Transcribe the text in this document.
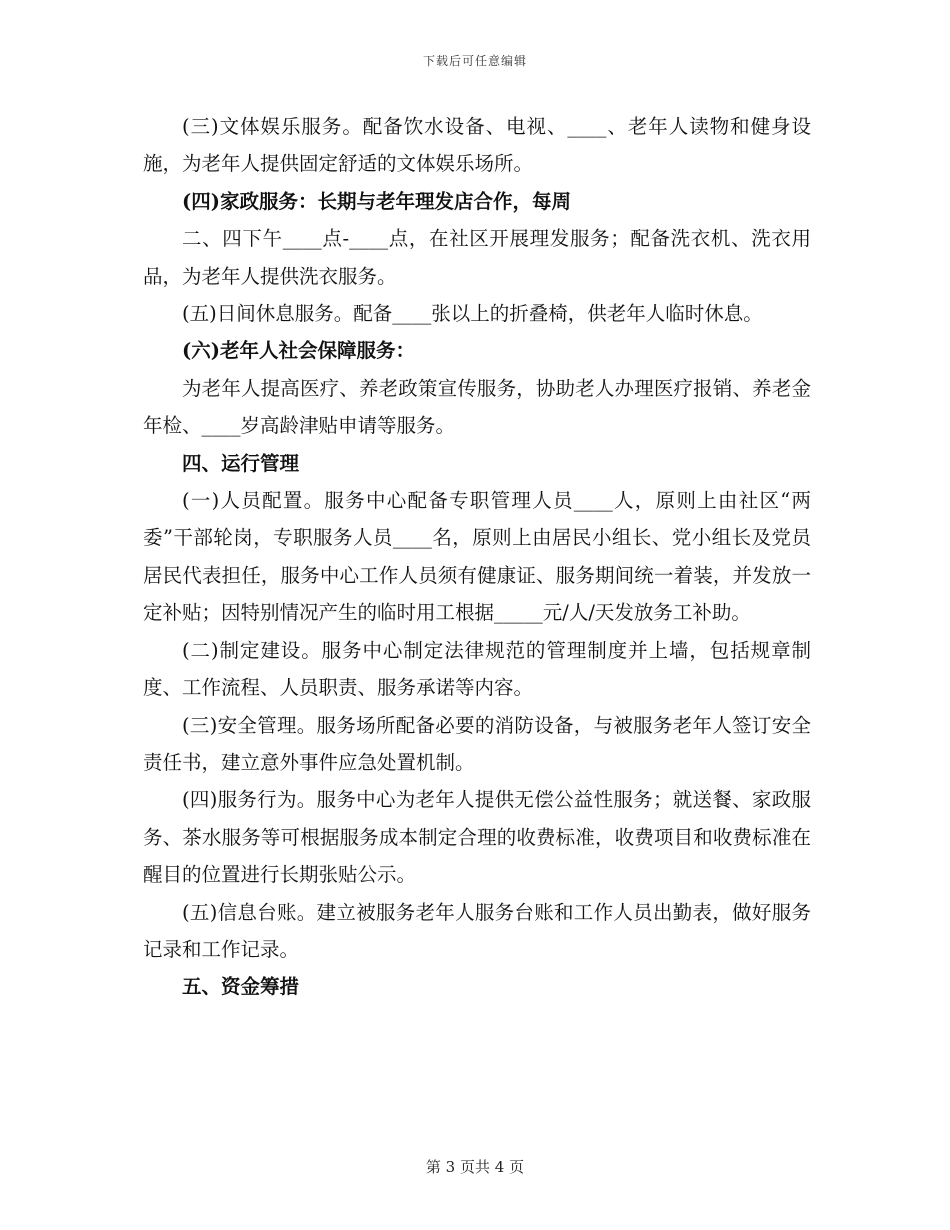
下载后可任意编辑

(三)文体娱乐服务。配备饮水设备、电视、____、老年人读物和健身设施，为老年人提供固定舒适的文体娱乐场所。

(四)家政服务：长期与老年理发店合作，每周

二、四下午____点-____点，在社区开展理发服务；配备洗衣机、洗衣用品，为老年人提供洗衣服务。

(五)日间休息服务。配备____张以上的折叠椅，供老年人临时休息。

(六)老年人社会保障服务：

为老年人提高医疗、养老政策宣传服务，协助老人办理医疗报销、养老金年检、____岁高龄津贴申请等服务。

四、运行管理

(一)人员配置。服务中心配备专职管理人员____人，原则上由社区“两委”干部轮岗，专职服务人员____名，原则上由居民小组长、党小组长及党员居民代表担任，服务中心工作人员须有健康证、服务期间统一着装，并发放一定补贴；因特别情况产生的临时用工根据_____元/人/天发放务工补助。

(二)制定建设。服务中心制定法律规范的管理制度并上墙，包括规章制度、工作流程、人员职责、服务承诺等内容。

(三)安全管理。服务场所配备必要的消防设备，与被服务老年人签订安全责任书，建立意外事件应急处置机制。

(四)服务行为。服务中心为老年人提供无偿公益性服务；就送餐、家政服务、茶水服务等可根据服务成本制定合理的收费标准，收费项目和收费标准在醒目的位置进行长期张贴公示。

(五)信息台账。建立被服务老年人服务台账和工作人员出勤表，做好服务记录和工作记录。

五、资金筹措

第 3 页共 4 页
